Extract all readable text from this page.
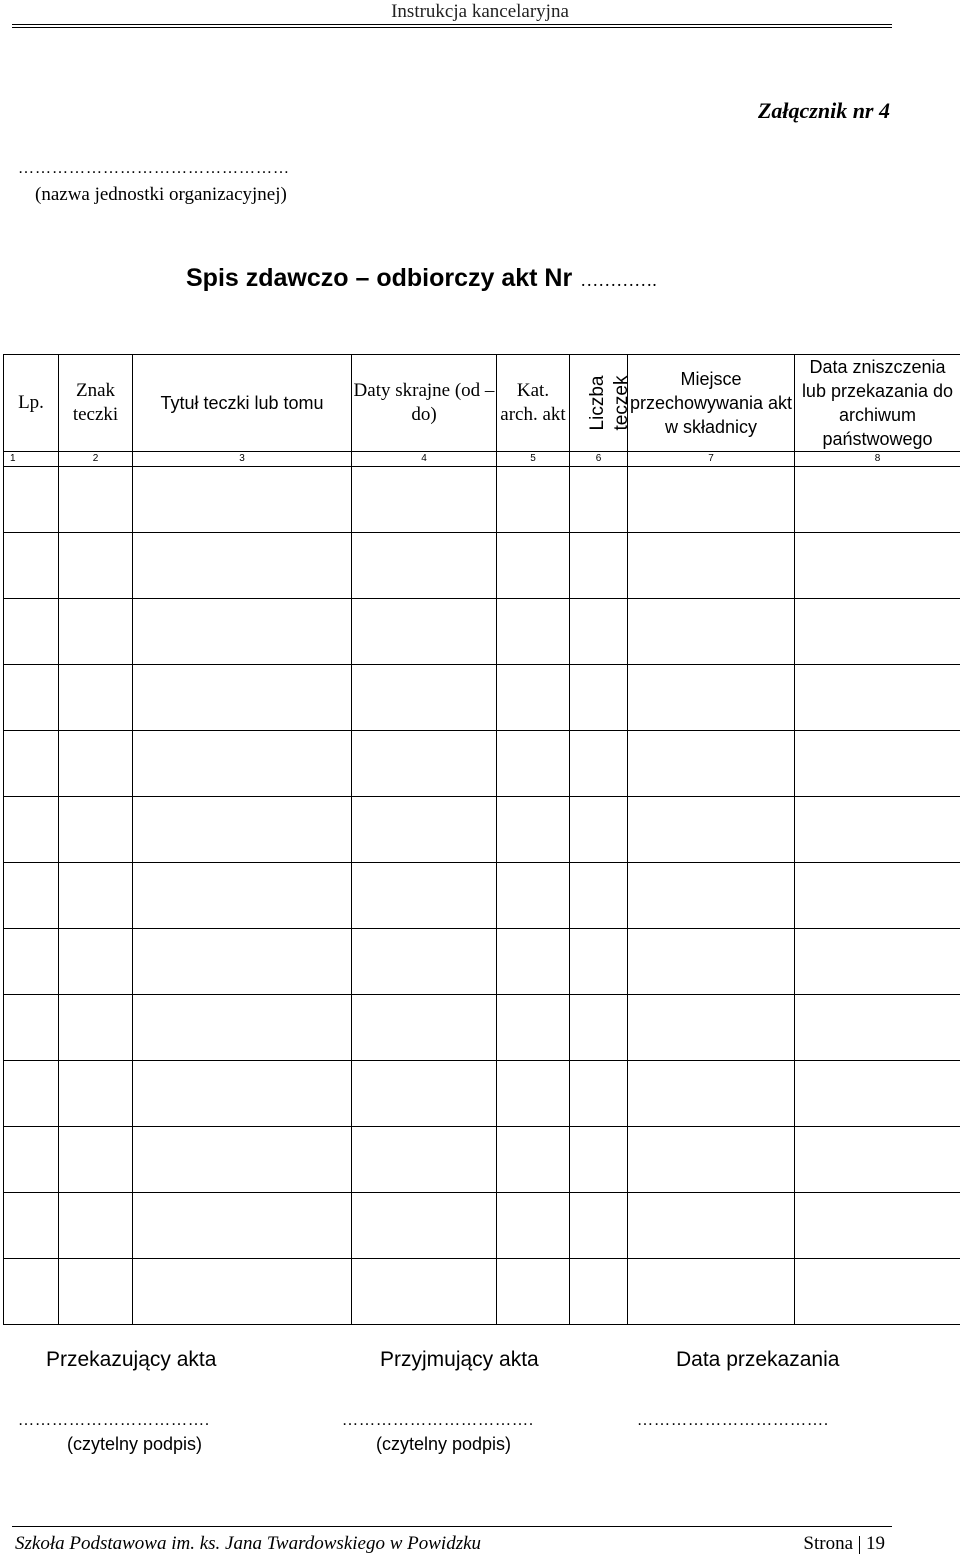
Instrukcja kancelaryjna
Załącznik nr 4
…………………………………………
(nazwa jednostki organizacyjnej)
Spis zdawczo – odbiorczy akt Nr ………….
Lp.	Znak teczki	Tytuł teczki lub tomu	Daty skrajne (od – do)	Kat. arch. akt	Liczba teczek	Miejsce przechowywania akt w składnicy	Data zniszczenia lub przekazania do archiwum państwowego
1	2	3	4	5	6	7	8

Przekazujący akta	Przyjmujący akta	Data przekazania
…………………………….	…………………………….	…………………………….
(czytelny podpis)	(czytelny podpis)
Szkoła Podstawowa im. ks. Jana Twardowskiego w Powidzku	Strona 19
